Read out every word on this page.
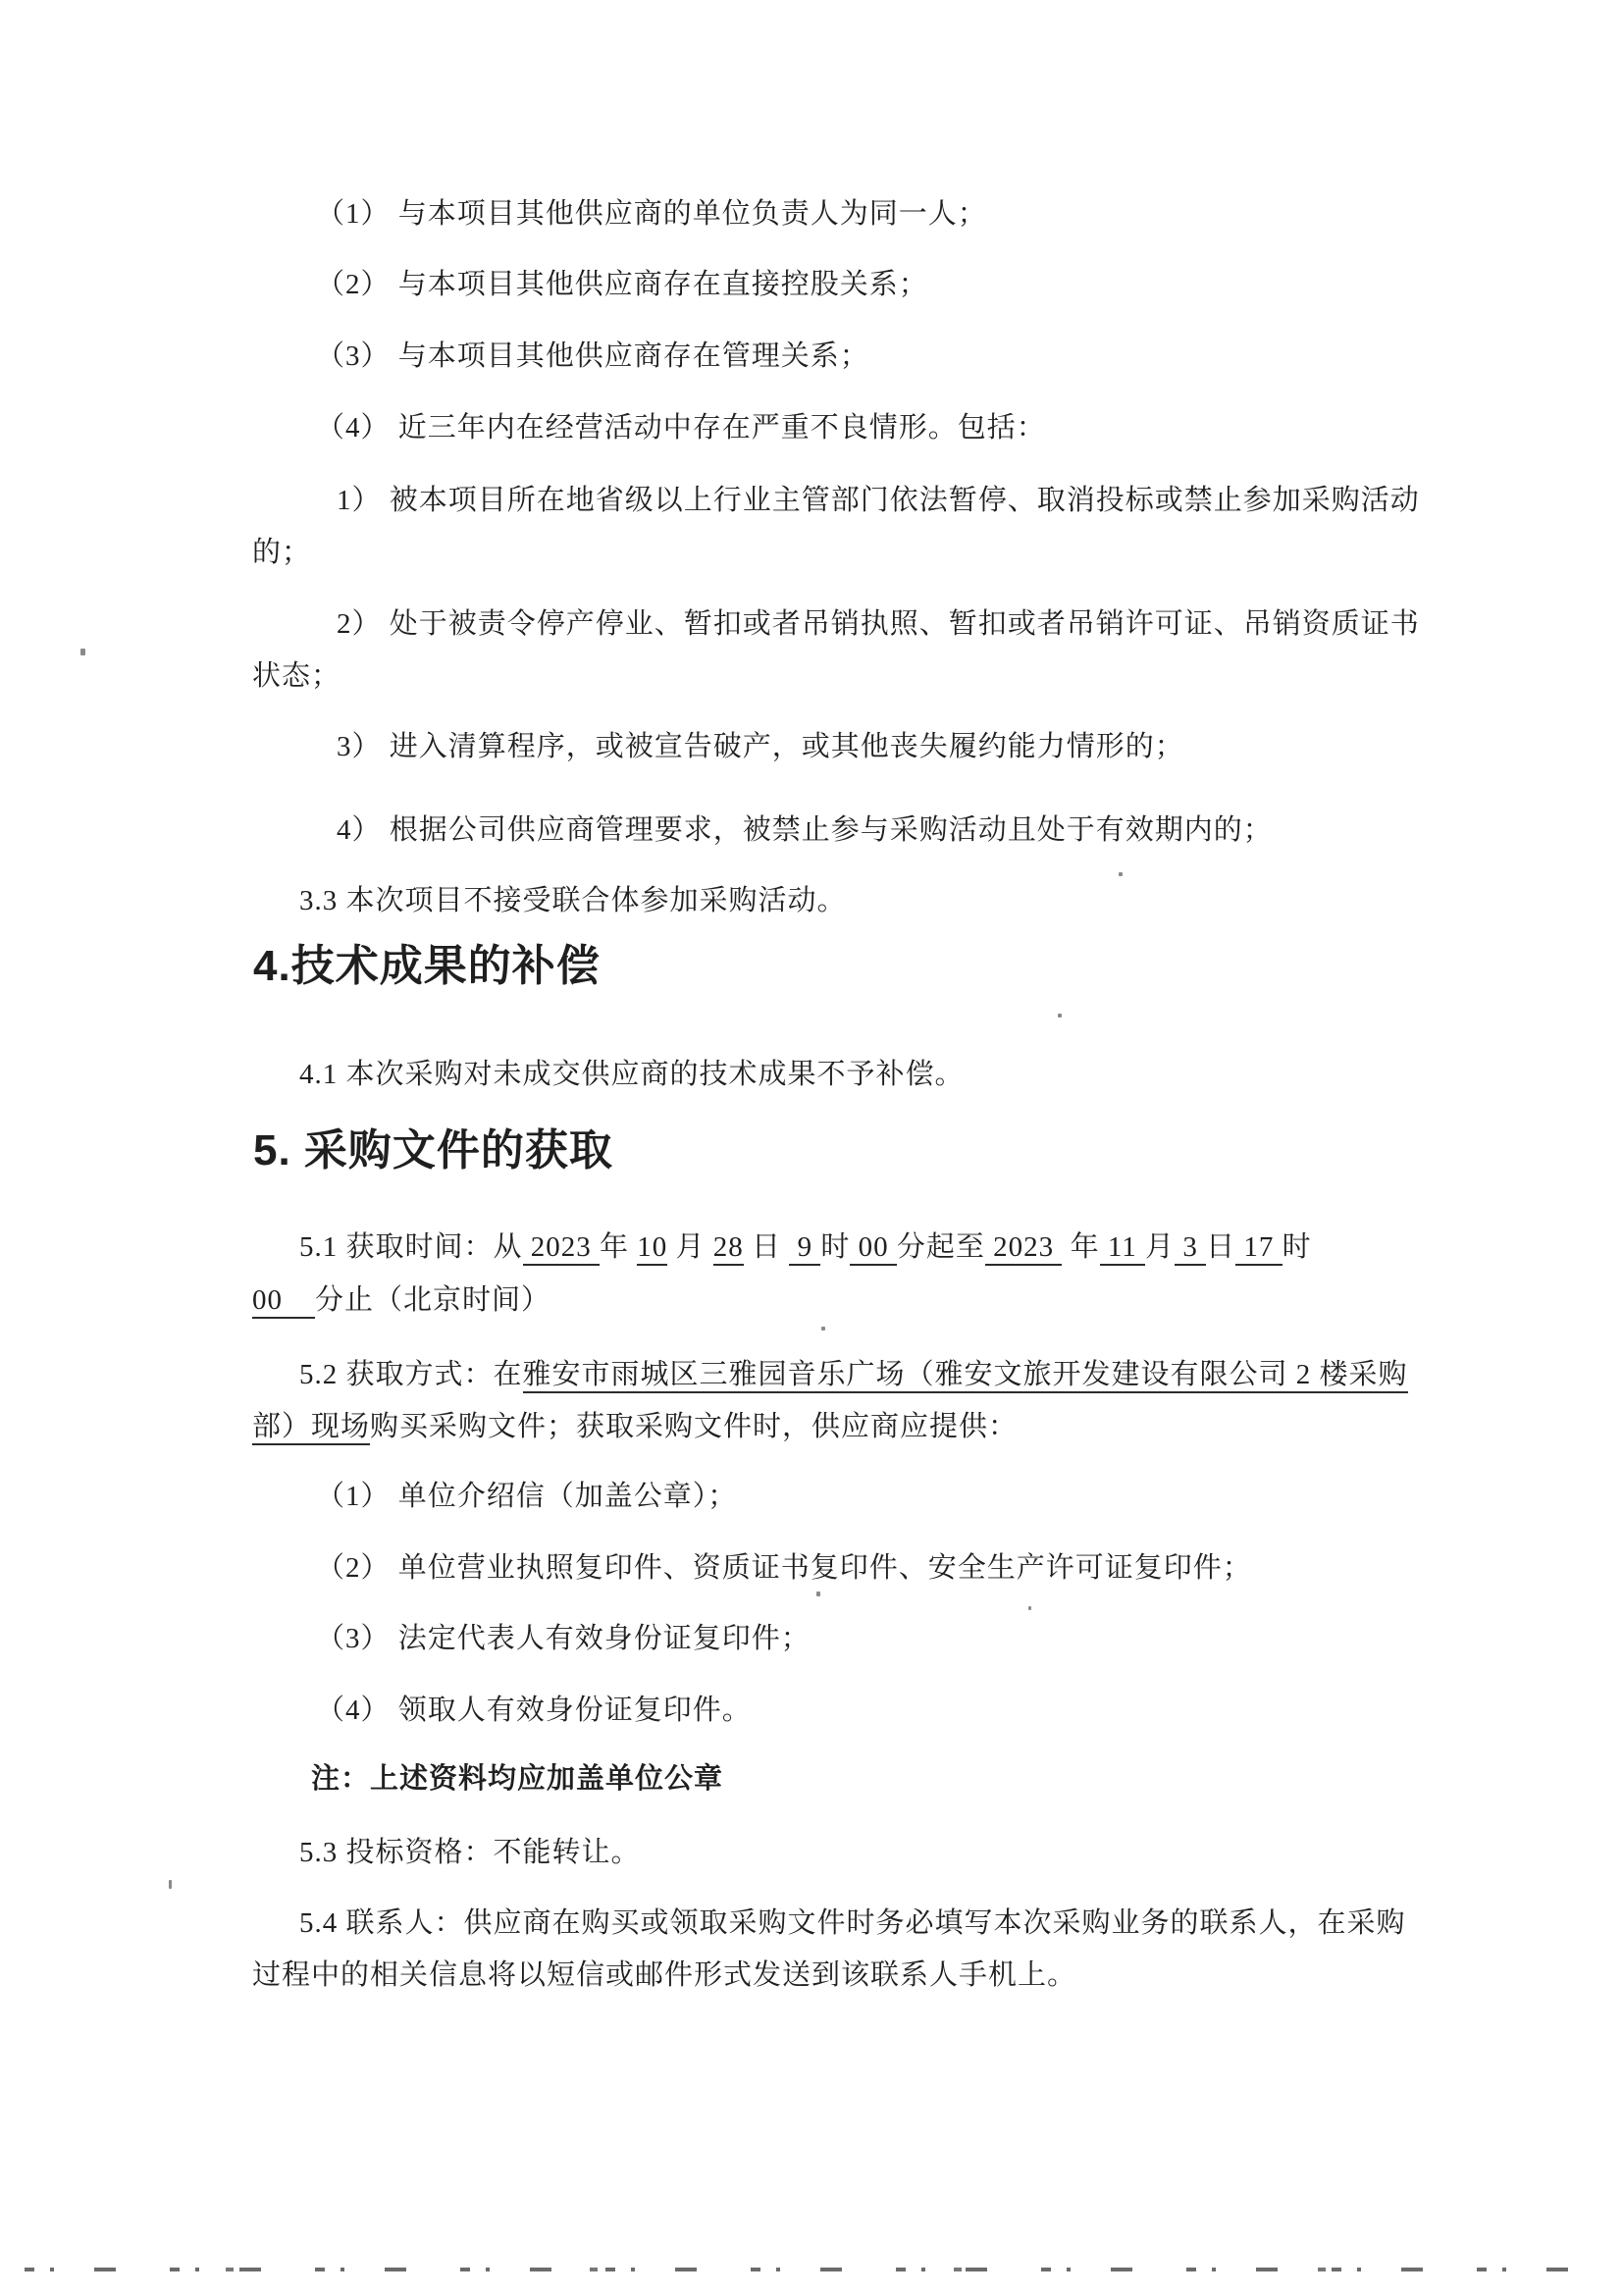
（1） 与本项目其他供应商的单位负责人为同一人；
（2） 与本项目其他供应商存在直接控股关系；
（3） 与本项目其他供应商存在管理关系；
（4） 近三年内在经营活动中存在严重不良情形。包括：
1） 被本项目所在地省级以上行业主管部门依法暂停、取消投标或禁止参加采购活动
的；
2） 处于被责令停产停业、暂扣或者吊销执照、暂扣或者吊销许可证、吊销资质证书
状态；
3） 进入清算程序，或被宣告破产，或其他丧失履约能力情形的；
4） 根据公司供应商管理要求，被禁止参与采购活动且处于有效期内的；
3.3 本次项目不接受联合体参加采购活动。
4.技术成果的补偿
4.1 本次采购对未成交供应商的技术成果不予补偿。
5. 采购文件的获取
5.1 获取时间：从 2023 年 10 月 28 日  9 时 00 分起至 2023  年 11 月 3 日 17 时
00    分止（北京时间）
5.2 获取方式：在雅安市雨城区三雅园音乐广场（雅安文旅开发建设有限公司 2 楼采购
部）现场购买采购文件；获取采购文件时，供应商应提供：
（1） 单位介绍信（加盖公章）；
（2） 单位营业执照复印件、资质证书复印件、安全生产许可证复印件；
（3） 法定代表人有效身份证复印件；
（4） 领取人有效身份证复印件。
注：上述资料均应加盖单位公章
5.3 投标资格：不能转让。
5.4 联系人：供应商在购买或领取采购文件时务必填写本次采购业务的联系人，在采购
过程中的相关信息将以短信或邮件形式发送到该联系人手机上。
